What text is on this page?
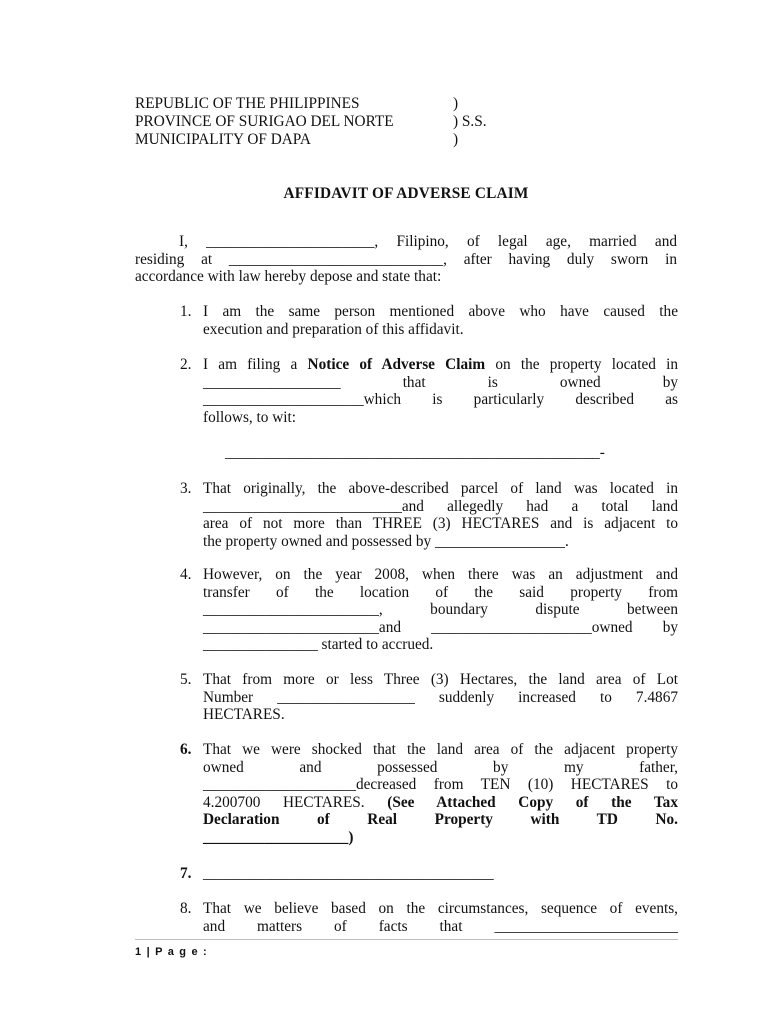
REPUBLIC OF THE PHILIPPINES	)
PROVINCE OF SURIGAO DEL NORTE	) S.S.
MUNICIPALITY OF DAPA	)
AFFIDAVIT OF ADVERSE CLAIM
I, ______________________, Filipino, of legal age, married and
residing at ____________________________, after having duly sworn in
accordance with law hereby depose and state that:
1. I am the same person mentioned above who have caused the
execution and preparation of this affidavit.
2. I am filing a Notice of Adverse Claim on the property located in
__________________	that	is	owned	by
_____________________which is particularly described as
follows, to wit:
_________________________________________________-
3. That originally, the above-described parcel of land was located in
__________________________and allegedly had a total land
area of not more than THREE (3) HECTARES and is adjacent to
the property owned and possessed by _________________.
4. However, on the year 2008, when there was an adjustment and
transfer of the location of the said property from
_______________________, boundary dispute between
_______________________and _____________________owned by
_______________ started to accrued.
5. That from more or less Three (3) Hectares, the land area of Lot
Number __________________ suddenly increased to 7.4867
HECTARES.
6. That we were shocked that the land area of the adjacent property
owned and possessed by my father,
____________________decreased from TEN (10) HECTARES to
4.200700 HECTARES. (See Attached Copy of the Tax
Declaration of Real Property with TD No.
___________________)
7. ______________________________________
8. That we believe based on the circumstances, sequence of events,
and matters of facts that ________________________
1 | P a g e :
